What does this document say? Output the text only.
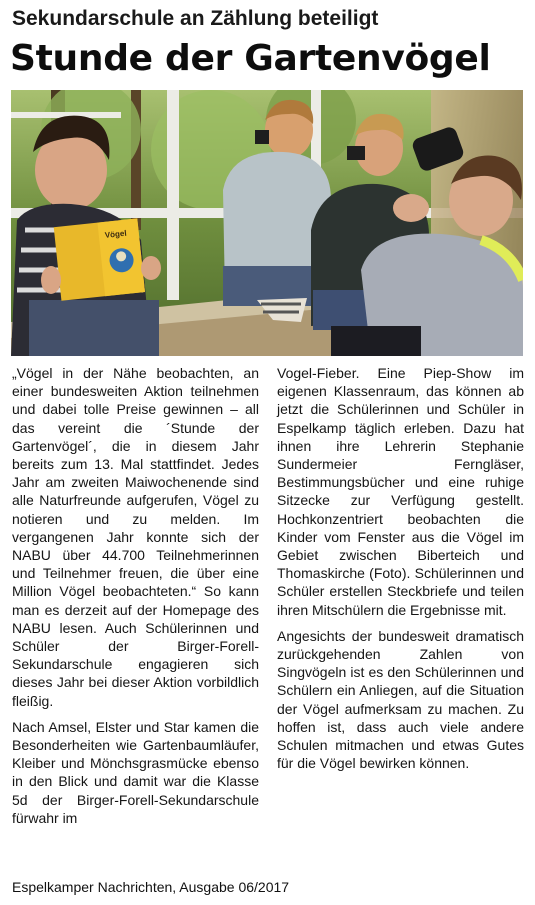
Sekundarschule an Zählung beteiligt
Stunde der Gartenvögel
Vögel

„Vögel in der Nähe beobachten, an einer bundesweiten Aktion teilnehmen und dabei tolle Preise gewinnen – all das vereint die ´Stunde der Gartenvögel´, die in diesem Jahr bereits zum 13. Mal stattfindet. Jedes Jahr am zweiten Maiwochenende sind alle Naturfreunde aufgerufen, Vögel zu notieren und zu melden. Im vergangenen Jahr konnte sich der NABU über 44.700 Teilnehmerinnen und Teilnehmer freuen, die über eine Million Vögel beobachteten.“ So kann man es derzeit auf der Homepage des NABU lesen. Auch Schülerinnen und Schüler der Birger-Forell-Sekundarschule engagieren sich dieses Jahr bei dieser Aktion vorbildlich fleißig.

Nach Amsel, Elster und Star kamen die Besonderheiten wie Gartenbaumläufer, Kleiber und Mönchsgrasmücke ebenso in den Blick und damit war die Klasse 5d der Birger-Forell-Sekundarschule fürwahr im

Vogel-Fieber. Eine Piep-Show im eigenen Klassenraum, das können ab jetzt die Schülerinnen und Schüler in Espelkamp täglich erleben. Dazu hat ihnen ihre Lehrerin Stephanie Sundermeier Ferngläser, Bestimmungsbücher und eine ruhige Sitzecke zur Verfügung gestellt. Hochkonzentriert beobachten die Kinder vom Fenster aus die Vögel im Gebiet zwischen Biberteich und Thomaskirche (Foto). Schülerinnen und Schüler erstellen Steckbriefe und teilen ihren Mitschülern die Ergebnisse mit.

Angesichts der bundesweit dramatisch zurückgehenden Zahlen von Singvögeln ist es den Schülerinnen und Schülern ein Anliegen, auf die Situation der Vögel aufmerksam zu machen. Zu hoffen ist, dass auch viele andere Schulen mitmachen und etwas Gutes für die Vögel bewirken können.

Espelkamper Nachrichten, Ausgabe 06/2017
